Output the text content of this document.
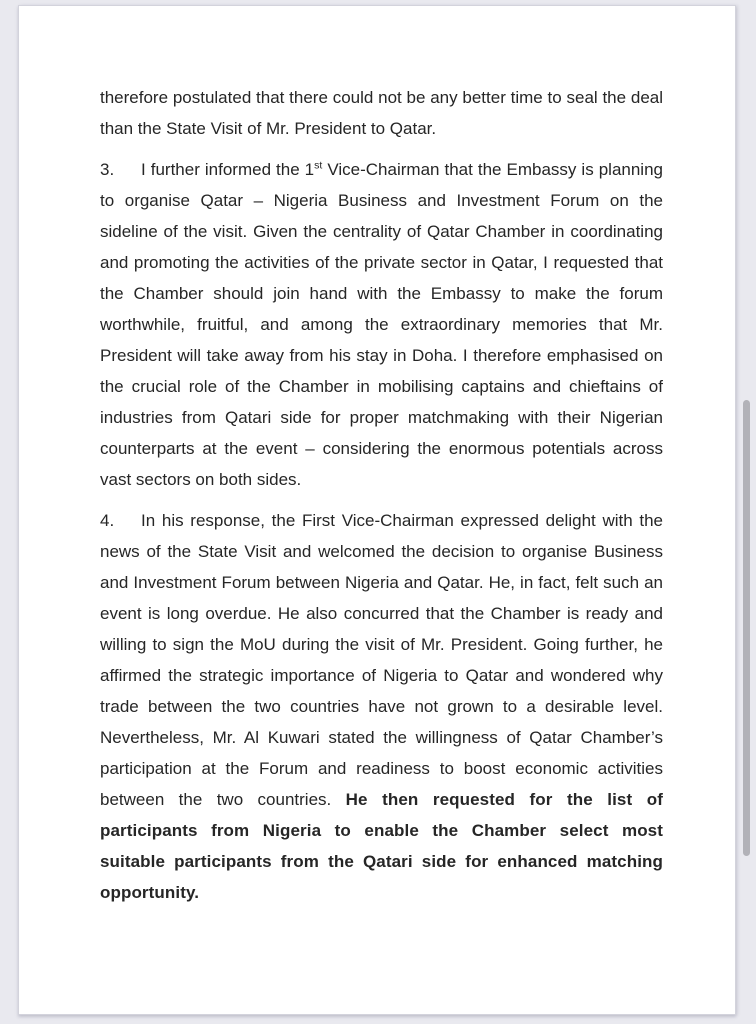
therefore postulated that there could not be any better time to seal the deal than the State Visit of Mr. President to Qatar.

3. I further informed the 1st Vice-Chairman that the Embassy is planning to organise Qatar – Nigeria Business and Investment Forum on the sideline of the visit. Given the centrality of Qatar Chamber in coordinating and promoting the activities of the private sector in Qatar, I requested that the Chamber should join hand with the Embassy to make the forum worthwhile, fruitful, and among the extraordinary memories that Mr. President will take away from his stay in Doha. I therefore emphasised on the crucial role of the Chamber in mobilising captains and chieftains of industries from Qatari side for proper matchmaking with their Nigerian counterparts at the event – considering the enormous potentials across vast sectors on both sides.

4. In his response, the First Vice-Chairman expressed delight with the news of the State Visit and welcomed the decision to organise Business and Investment Forum between Nigeria and Qatar. He, in fact, felt such an event is long overdue. He also concurred that the Chamber is ready and willing to sign the MoU during the visit of Mr. President. Going further, he affirmed the strategic importance of Nigeria to Qatar and wondered why trade between the two countries have not grown to a desirable level. Nevertheless, Mr. Al Kuwari stated the willingness of Qatar Chamber’s participation at the Forum and readiness to boost economic activities between the two countries. He then requested for the list of participants from Nigeria to enable the Chamber select most suitable participants from the Qatari side for enhanced matching opportunity.
